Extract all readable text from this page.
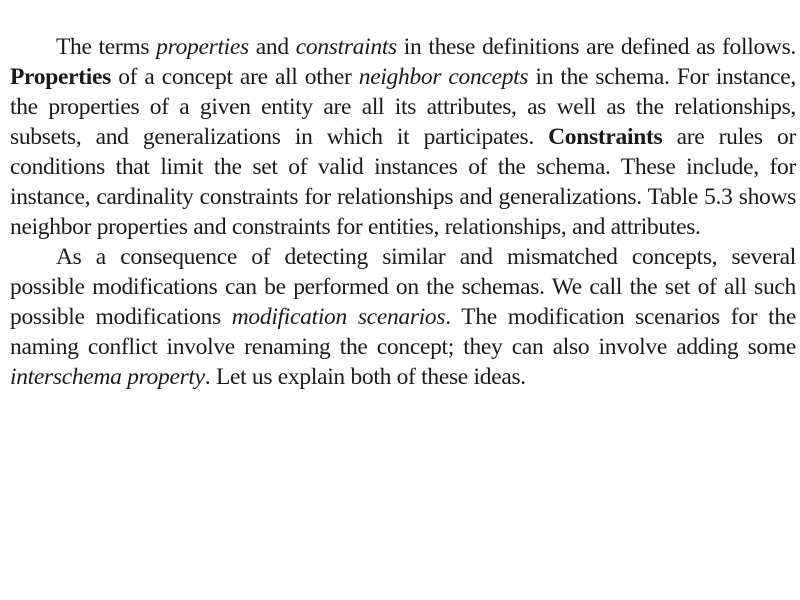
The terms properties and constraints in these definitions are defined as follows. Properties of a concept are all other neighbor concepts in the schema. For instance, the properties of a given entity are all its attributes, as well as the relationships, subsets, and generalizations in which it participates. Constraints are rules or conditions that limit the set of valid instances of the schema. These include, for instance, cardinality constraints for relationships and generalizations. Table 5.3 shows neighbor properties and constraints for entities, relationships, and attributes.

As a consequence of detecting similar and mismatched concepts, several possible modifications can be performed on the schemas. We call the set of all such possible modifications modification scenarios. The modification scenarios for the naming conflict involve renaming the concept; they can also involve adding some interschema property. Let us explain both of these ideas.
